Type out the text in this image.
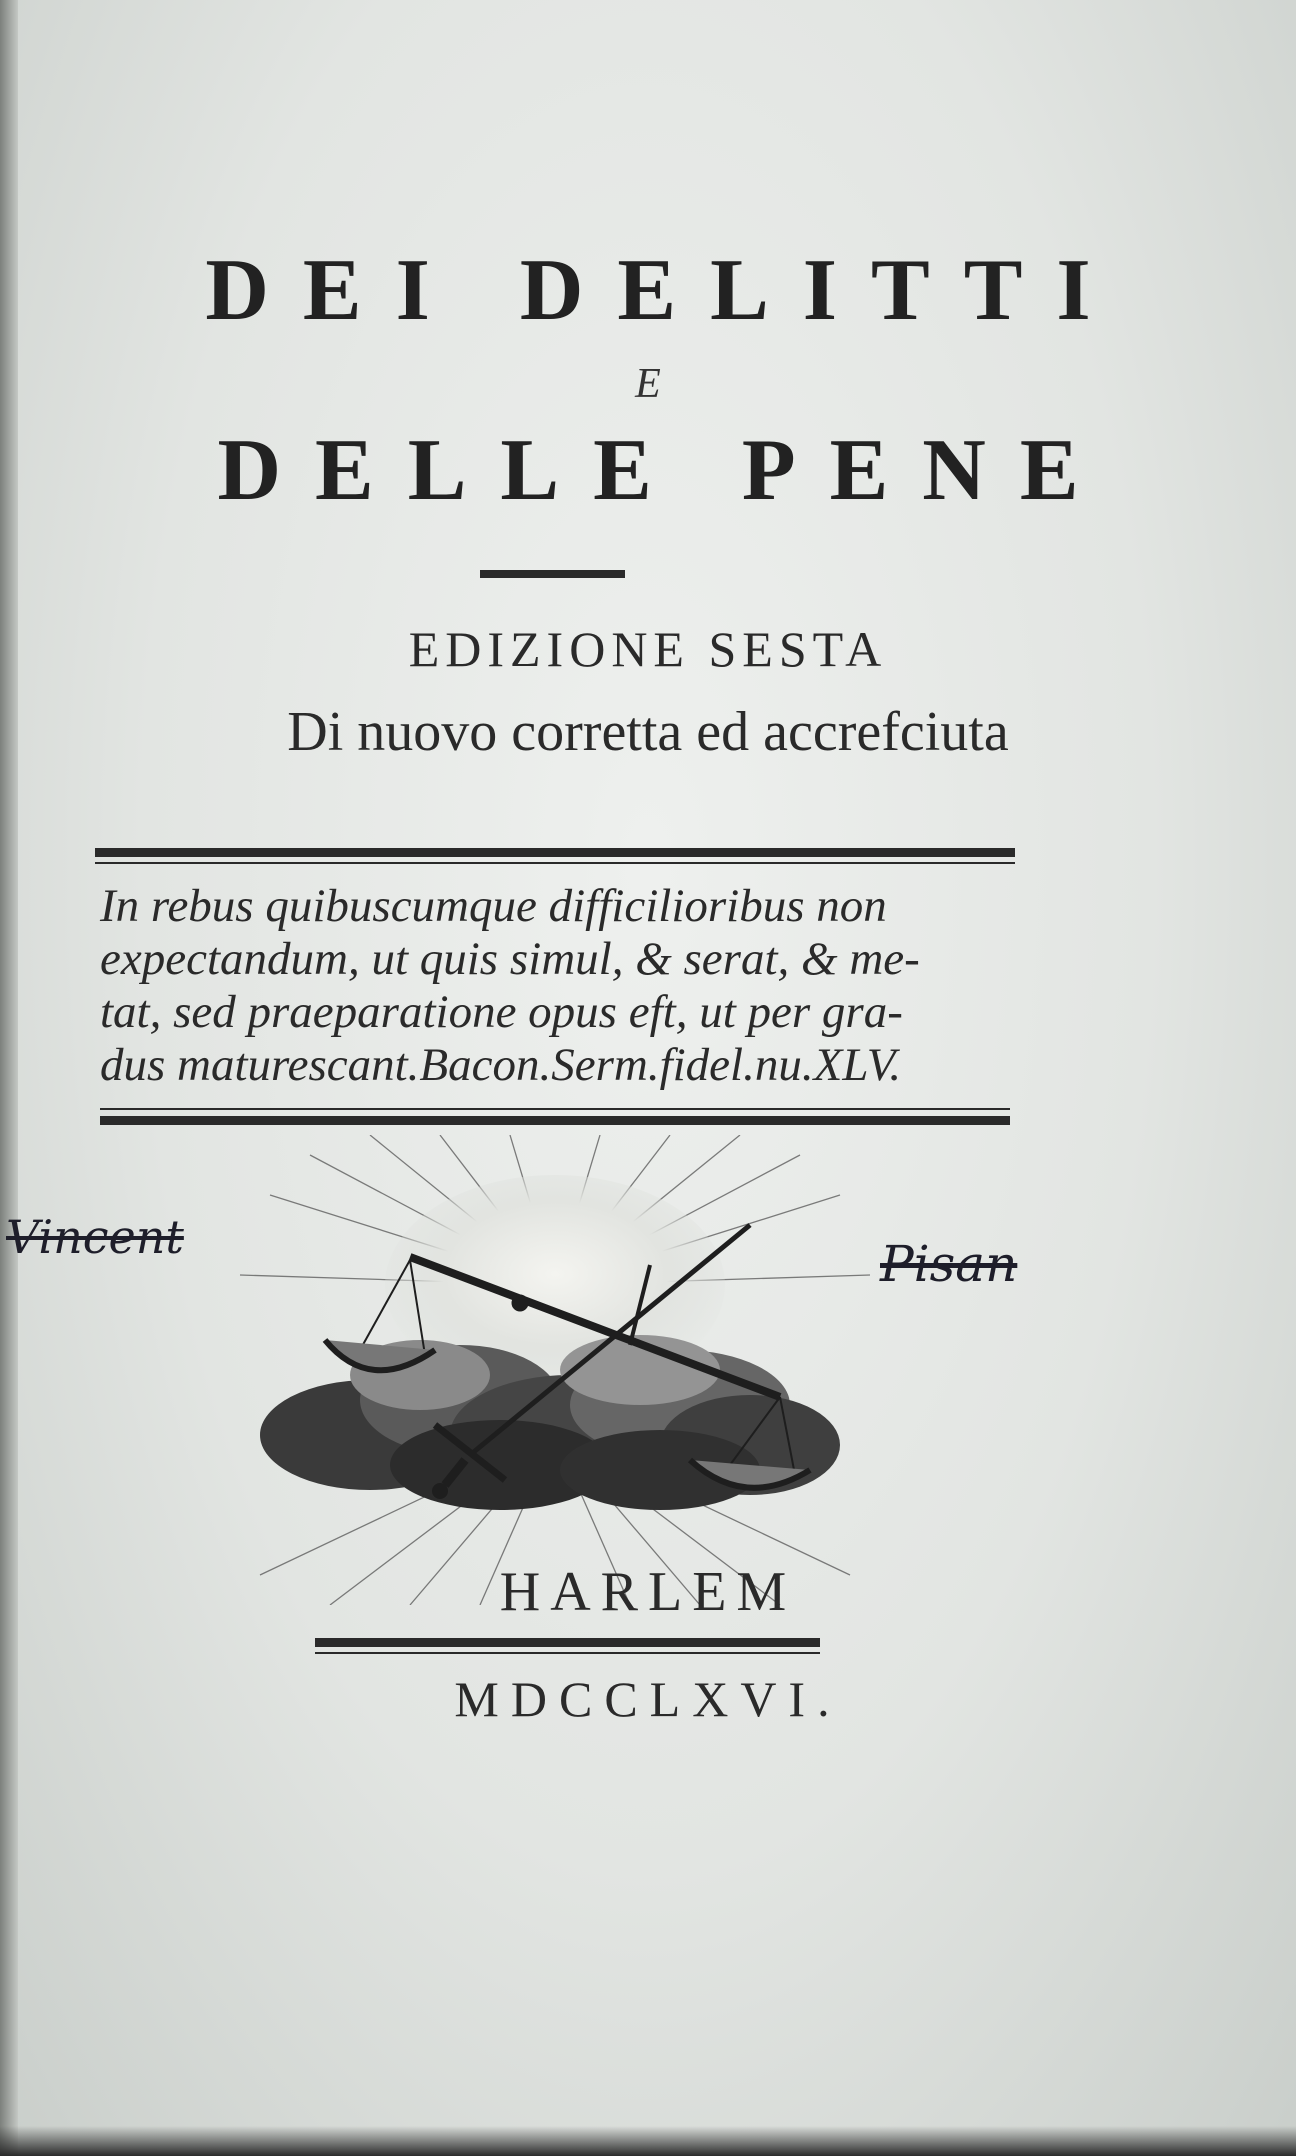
DEI DELITTI
E
DELLE PENE
EDIZIONE SESTA
Di nuovo corretta ed accrefciuta
In rebus quibuscumque difficilioribus non
expectandum, ut quis simul, & serat, & me-
tat, sed praeparatione opus eft, ut per gra-
dus maturescant.Bacon.Serm.fidel.nu.XLV.
Vincent	Pisan
HARLEM
MDCCLXVI.
